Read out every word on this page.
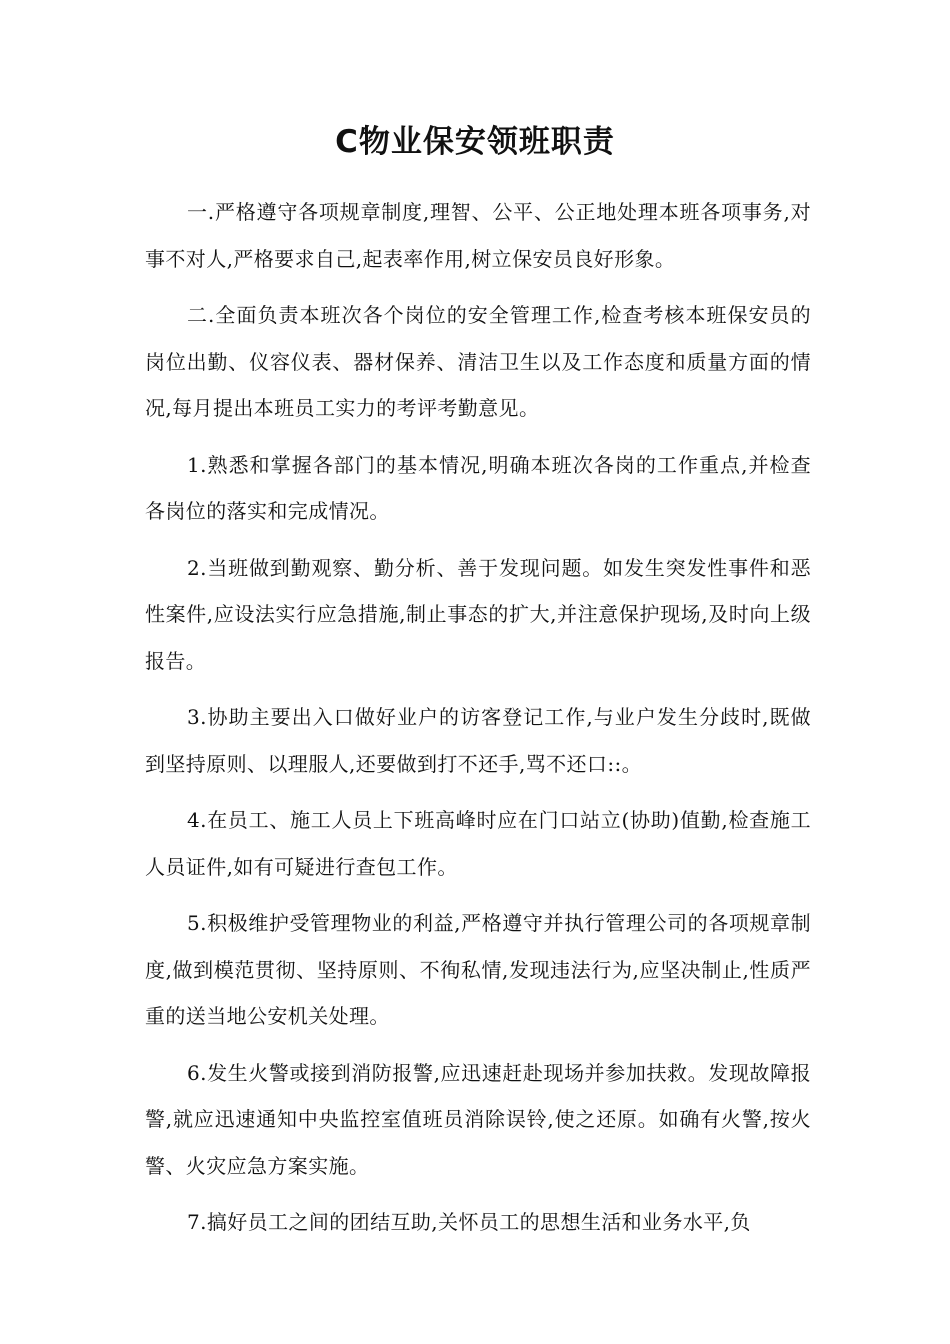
C物业保安领班职责

一.严格遵守各项规章制度,理智、公平、公正地处理本班各项事务,对事不对人,严格要求自己,起表率作用,树立保安员良好形象。

二.全面负责本班次各个岗位的安全管理工作,检查考核本班保安员的岗位出勤、仪容仪表、器材保养、清洁卫生以及工作态度和质量方面的情况,每月提出本班员工实力的考评考勤意见。

1.熟悉和掌握各部门的基本情况,明确本班次各岗的工作重点,并检查各岗位的落实和完成情况。

2.当班做到勤观察、勤分析、善于发现问题。如发生突发性事件和恶性案件,应设法实行应急措施,制止事态的扩大,并注意保护现场,及时向上级报告。

3.协助主要出入口做好业户的访客登记工作,与业户发生分歧时,既做到坚持原则、以理服人,还要做到打不还手,骂不还口::。

4.在员工、施工人员上下班高峰时应在门口站立(协助)值勤,检查施工人员证件,如有可疑进行查包工作。

5.积极维护受管理物业的利益,严格遵守并执行管理公司的各项规章制度,做到模范贯彻、坚持原则、不徇私情,发现违法行为,应坚决制止,性质严重的送当地公安机关处理。

6.发生火警或接到消防报警,应迅速赶赴现场并参加扶救。发现故障报警,就应迅速通知中央监控室值班员消除误铃,使之还原。如确有火警,按火警、火灾应急方案实施。

7.搞好员工之间的团结互助,关怀员工的思想生活和业务水平,负
